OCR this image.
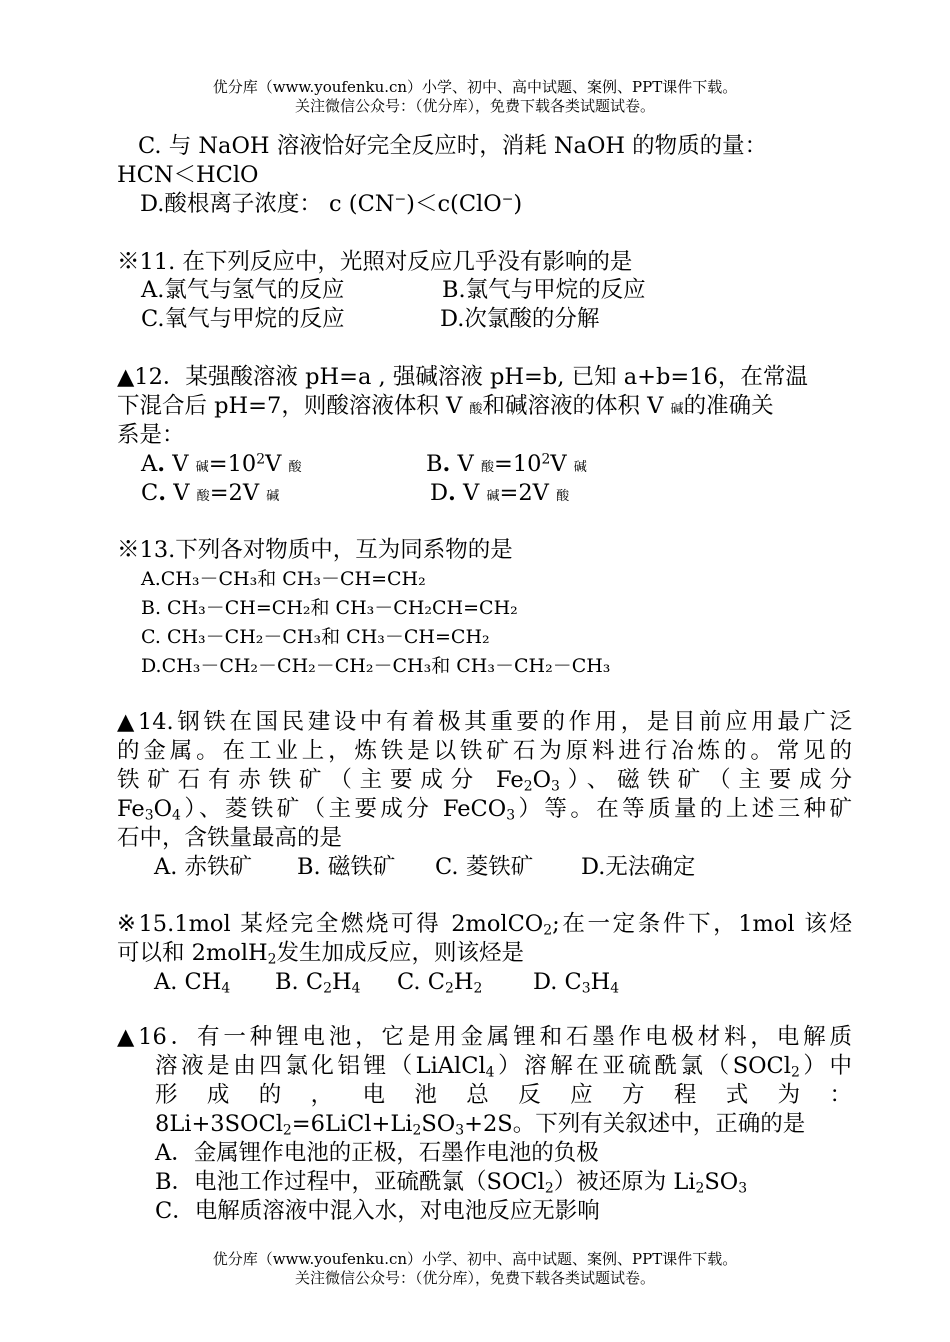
优分库（www.youfenku.cn）小学、初中、高中试题、案例、PPT课件下载。
关注微信公众号：（优分库），免费下载各类试题试卷。
C. 与 NaOH 溶液恰好完全反应时，消耗 NaOH 的物质的量：
HCN＜HClO
D.酸根离子浓度： c (CN−)＜c(ClO−)
※11. 在下列反应中，光照对反应几乎没有影响的是
A.氯气与氢气的反应	B.氯气与甲烷的反应
C.氧气与甲烷的反应	D.次氯酸的分解
▲12．某强酸溶液 pH=a , 强碱溶液 pH=b, 已知 a+b=16，在常温
下混合后 pH=7，则酸溶液体积 V 酸和碱溶液的体积 V 碱的准确关
系是：
A. V 碱$=10^2V$ 酸	B. V 酸$=10^2V$ 碱
C. V 酸=2V 碱	D. V 碱=2V 酸
※13.下列各对物质中，互为同系物的是
A.CH₃－CH₃和 CH₃－CH=CH₂
B. CH₃－CH=CH₂和 CH₃－CH₂CH=CH₂
C. CH₃－CH₂－CH₃和 CH₃－CH=CH₂
D.CH₃－CH₂－CH₂－CH₂－CH₃和 CH₃－CH₂－CH₃
▲14.钢铁在国民建设中有着极其重要的作用，是目前应用最广泛
的金属。在工业上，炼铁是以铁矿石为原料进行冶炼的。常见的
铁矿石有赤铁矿（主要成分 $Fe_2O_3$）、磁铁矿（主要成分
$Fe_3O_4$）、菱铁矿（主要成分 FeCO$_3$）等。在等质量的上述三种矿
石中，含铁量最高的是
A. 赤铁矿 B. 磁铁矿 C. 菱铁矿 D.无法确定
※15.1mol 某烃完全燃烧可得 2molCO$_2$;在一定条件下，1mol 该烃
可以和 2molH$_2$发生加成反应，则该烃是
A. $CH_4$ B. $C_2H_4$ C. $C_2H_2$ D. $C_3H_4$
▲16．有一种锂电池，它是用金属锂和石墨作电极材料，电解质
溶液是由四氯化铝锂（LiAlCl$_4$）溶解在亚硫酰氯（SOCl$_2$）中
形 成 的 ， 电 池 总 反 应 方 程 式 为 ：
$8Li+3SOCl_2=6LiCl+Li_2SO_3+2S$。下列有关叙述中，正确的是
A．金属锂作电池的正极，石墨作电池的负极
B．电池工作过程中，亚硫酰氯（SOCl$_2$）被还原为 $Li_2SO_3$
C．电解质溶液中混入水，对电池反应无影响
优分库（www.youfenku.cn）小学、初中、高中试题、案例、PPT课件下载。
关注微信公众号：（优分库），免费下载各类试题试卷。
